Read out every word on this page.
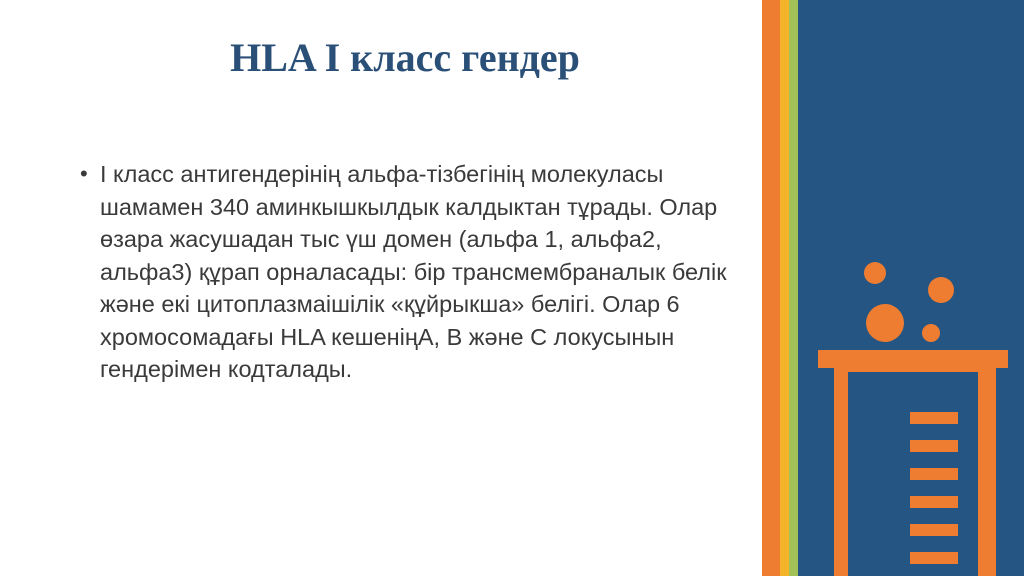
HLA I класс гендер
• I класс антигендерінің альфа-тізбегінің молекуласы шамамен 340 аминкышкылдык калдыктан тұрады. Олар өзара жасушадан тыс үш домен (альфа 1, альфа2, альфа3) құрап орналасады: бір трансмембраналык белік және екі цитоплазмаішілік «құйрыкша» белігі. Олар 6 хромосомадағы HLA кешеніңА, В және С локусынын гендерімен кодталады.
